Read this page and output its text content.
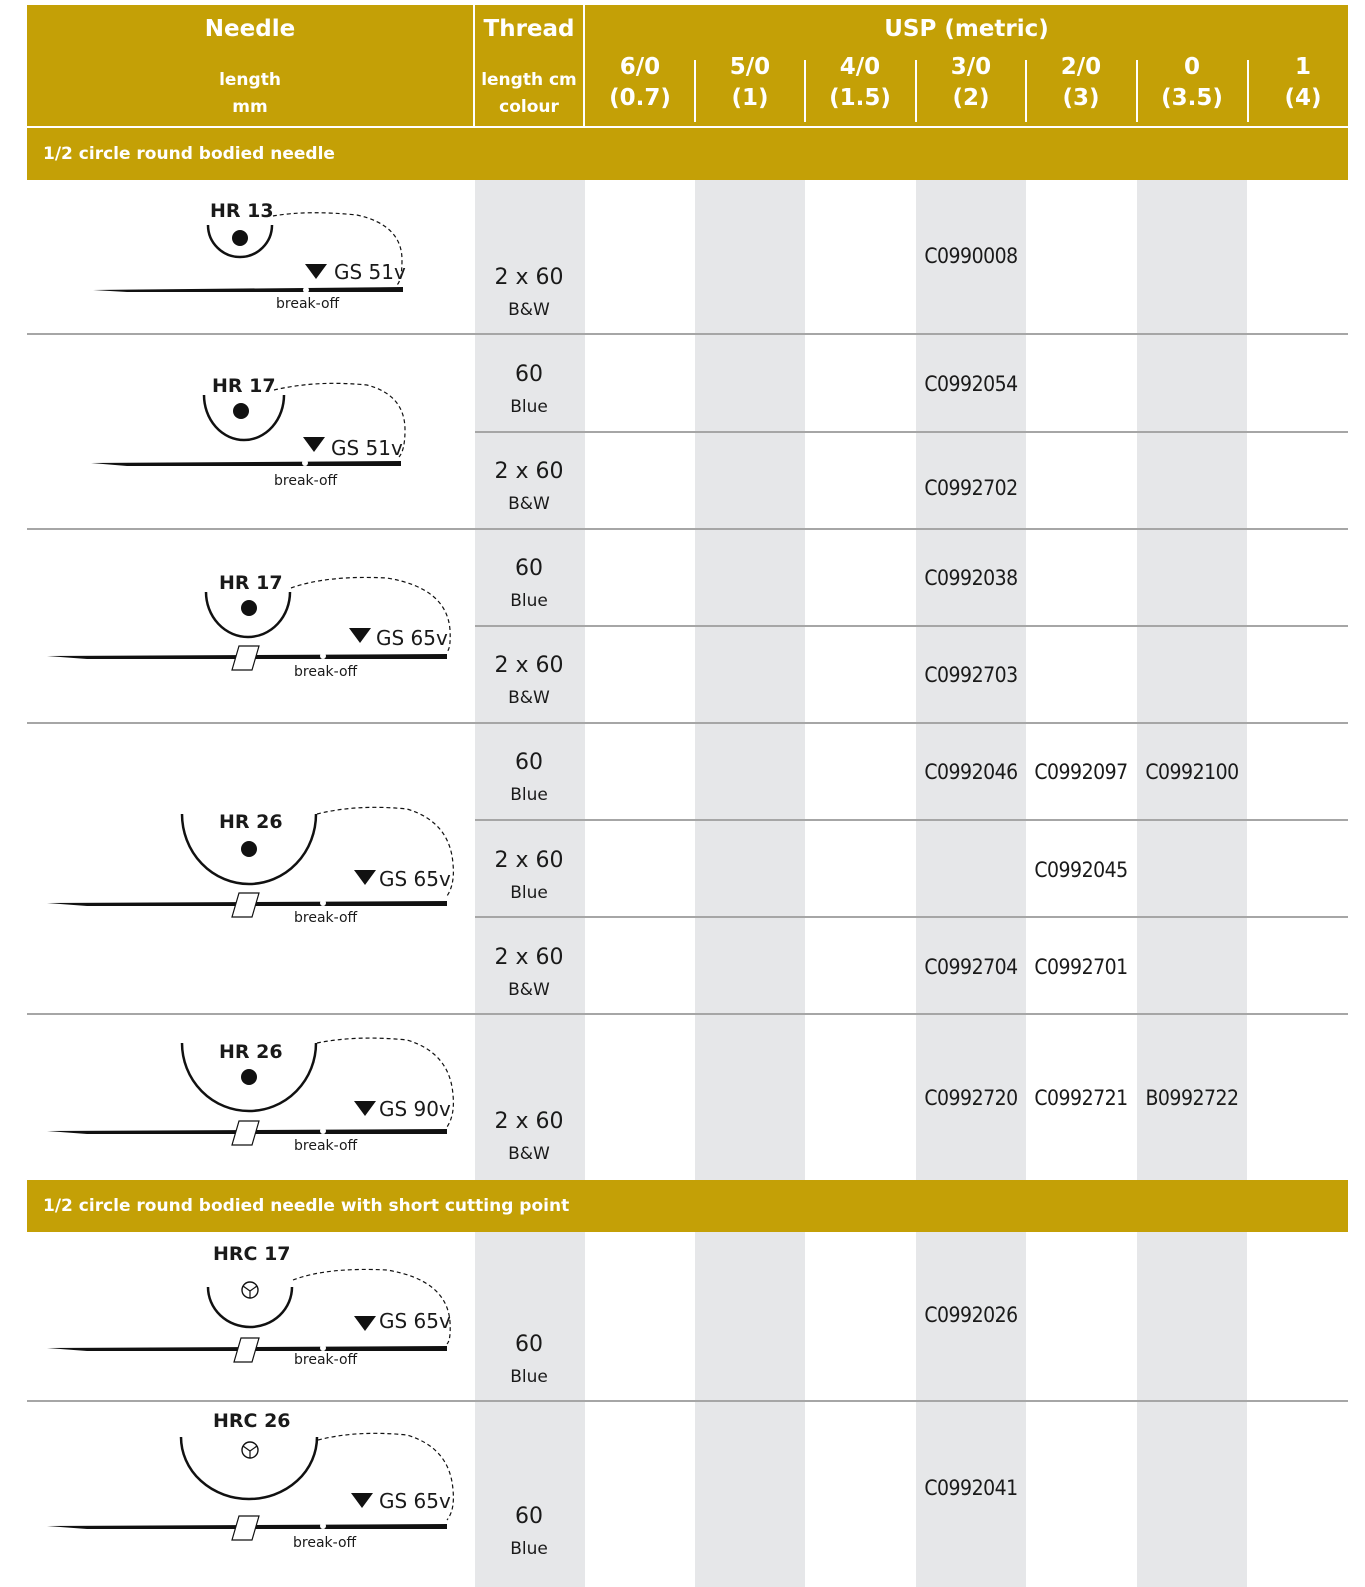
Needle
length
mm
Thread
length cm
colour
USP (metric)
6/0
(0.7)
5/0
(1)
4/0
(1.5)
3/0
(2)
2/0
(3)
0
(3.5)
1
(4)
1/2 circle round bodied needle
1/2 circle round bodied needle with short cutting point
2 x 60
B&W
60
Blue
2 x 60
B&W
60
Blue
2 x 60
B&W
60
Blue
2 x 60
Blue
2 x 60
B&W
2 x 60
B&W
60
Blue
60
Blue
C0990008
C0992054
C0992702
C0992038
C0992703
C0992046 C0992097 C0992100
C0992045
C0992704 C0992701
C0992720 C0992721 B0992722
C0992026
C0992041
HR 13
GS 51v
break-off
HR 17
GS 51v
break-off
HR 17
GS 65v
break-off
HR 26
GS 65v
break-off
HR 26
GS 90v
break-off
HRC 17
GS 65v
break-off
HRC 26
GS 65v
break-off
